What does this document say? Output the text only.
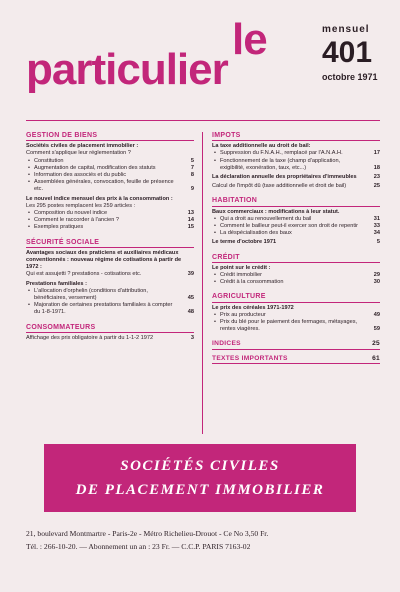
le
particulier
mensuel
401
octobre 1971
GESTION DE BIENS
Sociétés civiles de placement immobilier :
Comment s'applique leur réglementation ?
• Constitution	5
• Augmentation de capital, modification des statuts	7
• Information des associés et du public	8
• Assemblées générales, convocation, feuille de présence etc.	9
Le nouvel indice mensuel des prix à la consommation :
Les 295 postes remplacent les 259 articles :
• Composition du nouvel indice	13
• Comment le raccorder à l'ancien ?	14
• Exemples pratiques	15
SÉCURITÉ SOCIALE
Avantages sociaux des praticiens et auxiliaires médicaux conventionnés : nouveau régime de cotisations à partir de 1972 :
Qui est assujetti ? prestations - cotisations etc.	39
Prestations familiales :
• L'allocation d'orphelin (conditions d'attribution, bénéficiaires, versement)	45
• Majoration de certaines prestations familiales à compter du 1-8-1971.	48
CONSOMMATEURS
Affichage des prix obligatoire à partir du 1-1-2 1972	3
IMPOTS
La taxe additionnelle au droit de bail:
• Suppression du F.N.A.H., remplacé par l'A.N.A.H.	17
• Fonctionnement de la taxe (champ d'application, exigibilité, exonération, taux, etc...)	18
La déclaration annuelle des propriétaires d'immeubles	23
Calcul de l'impôt dû (taxe additionnelle et droit de bail)	25
HABITATION
Baux commerciaux : modifications à leur statut.
• Qui a droit au renouvellement du bail	31
• Comment le bailleur peut-il exercer son droit de repentir	33
• La déspécialisation des baux	34
Le terme d'octobre 1971	5
CRÉDIT
Le point sur le crédit :
• Crédit immobilier	29
• Crédit à la consommation	30
AGRICULTURE
Le prix des céréales 1971-1972
• Prix au producteur	49
• Prix du blé pour le paiement des fermages, métayages, rentes viagères.	59
INDICES	25
TEXTES IMPORTANTS	61
SOCIÉTÉS CIVILES
DE PLACEMENT IMMOBILIER
21, boulevard Montmartre - Paris-2e - Métro Richelieu-Drouot - Ce No 3,50 Fr.
Tél. : 266-10-20. — Abonnement un an : 23 Fr. — C.C.P. PARIS 7163-02
